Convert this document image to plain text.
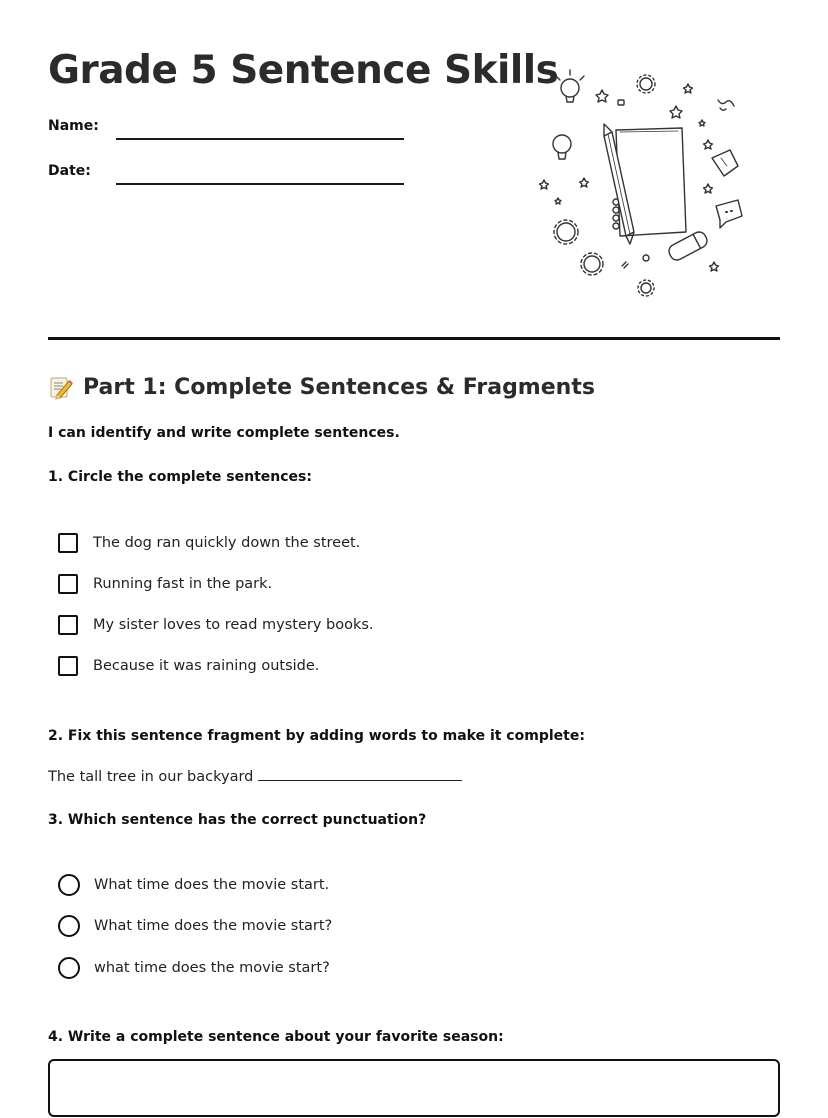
Grade 5 Sentence Skills
Name:
Date:
Part 1: Complete Sentences & Fragments
I can identify and write complete sentences.
1. Circle the complete sentences:
The dog ran quickly down the street.
Running fast in the park.
My sister loves to read mystery books.
Because it was raining outside.
2. Fix this sentence fragment by adding words to make it complete:
The tall tree in our backyard
3. Which sentence has the correct punctuation?
What time does the movie start.
What time does the movie start?
what time does the movie start?
4. Write a complete sentence about your favorite season:
